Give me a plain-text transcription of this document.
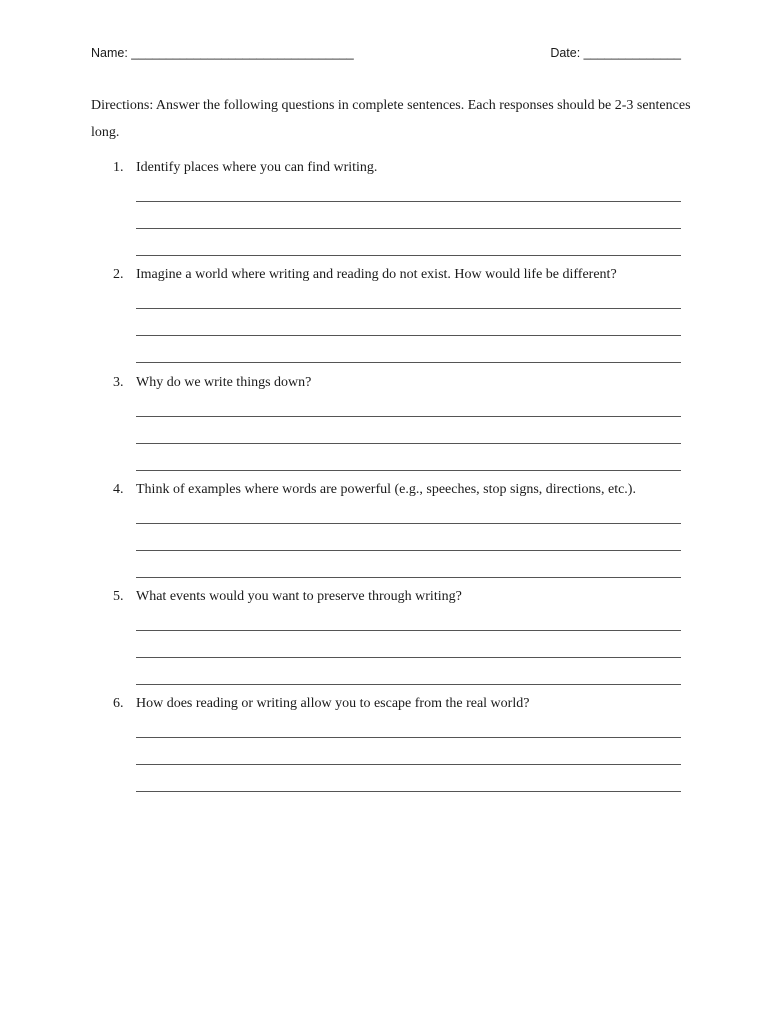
Name: ________________________________	Date: ______________
Directions: Answer the following questions in complete sentences. Each responses should be 2-3 sentences long.
1. Identify places where you can find writing.
2. Imagine a world where writing and reading do not exist. How would life be different?
3. Why do we write things down?
4. Think of examples where words are powerful (e.g., speeches, stop signs, directions, etc.).
5. What events would you want to preserve through writing?
6. How does reading or writing allow you to escape from the real world?
